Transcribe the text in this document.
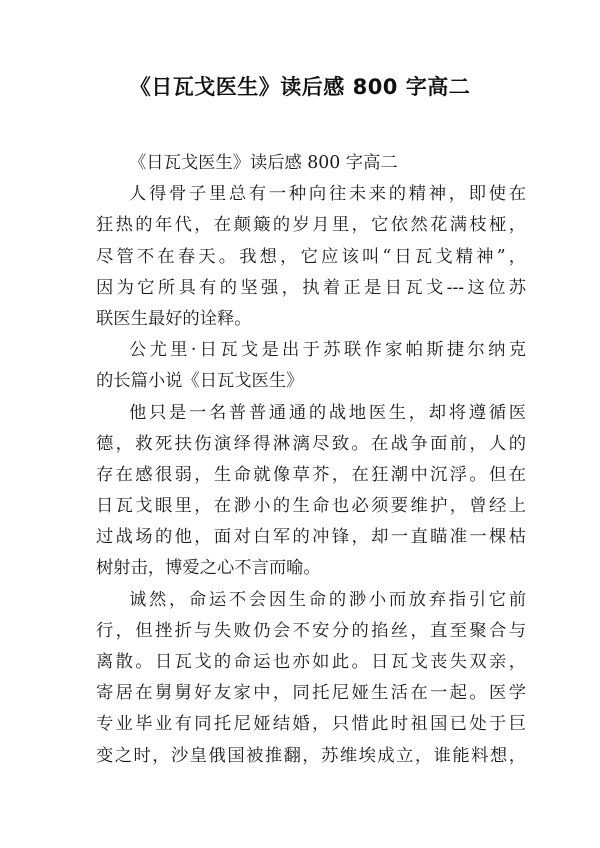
《日瓦戈医生》读后感 800 字高二
《日瓦戈医生》读后感 800 字高二
人得骨子里总有一种向往未来的精神，即使在
狂热的年代，在颠簸的岁月里，它依然花满枝桠，
尽管不在春天。我想，它应该叫“日瓦戈精神”，
因为它所具有的坚强，执着正是日瓦戈---这位苏
联医生最好的诠释。
公尤里·日瓦戈是出于苏联作家帕斯捷尔纳克
的长篇小说《日瓦戈医生》
他只是一名普普通通的战地医生，却将遵循医
德，救死扶伤演绎得淋漓尽致。在战争面前，人的
存在感很弱，生命就像草芥，在狂潮中沉浮。但在
日瓦戈眼里，在渺小的生命也必须要维护，曾经上
过战场的他，面对白军的冲锋，却一直瞄准一棵枯
树射击，博爱之心不言而喻。
诚然，命运不会因生命的渺小而放弃指引它前
行，但挫折与失败仍会不安分的掐丝，直至聚合与
离散。日瓦戈的命运也亦如此。日瓦戈丧失双亲，
寄居在舅舅好友家中，同托尼娅生活在一起。医学
专业毕业有同托尼娅结婚，只惜此时祖国已处于巨
变之时，沙皇俄国被推翻，苏维埃成立，谁能料想，
